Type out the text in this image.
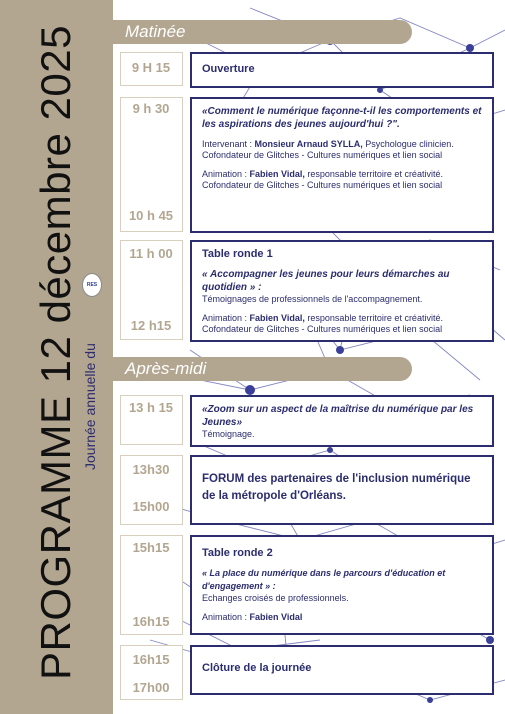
PROGRAMME 12 décembre 2025 Journée annuelle du
RES
Matinée
Après-midi
9 H 15
9 h 30
10 h 45
11 h 00
12 h15
13 h 15
13h30
15h00
15h15
16h15
16h15
17h00
Ouverture
«Comment le numérique façonne-t-il les comportements et les aspirations des jeunes aujourd'hui ?".
Intervenant : Monsieur Arnaud SYLLA, Psychologue clinicien.
Cofondateur de Glitches - Cultures numériques et lien social
Animation : Fabien Vidal, responsable territoire et créativité.
Cofondateur de Glitches - Cultures numériques et lien social
Table ronde 1
« Accompagner les jeunes pour leurs démarches au quotidien » :
Témoignages de professionnels de l'accompagnement.
Animation : Fabien Vidal, responsable territoire et créativité.
Cofondateur de Glitches - Cultures numériques et lien social
«Zoom sur un aspect de la maîtrise du numérique par les Jeunes»
Témoignage.
FORUM des partenaires de l'inclusion numérique de la métropole d'Orléans.
Table ronde 2
« La place du numérique dans le parcours d'éducation et d'engagement » :
Echanges croisés de professionnels.
Animation : Fabien Vidal
Clôture de la journée
